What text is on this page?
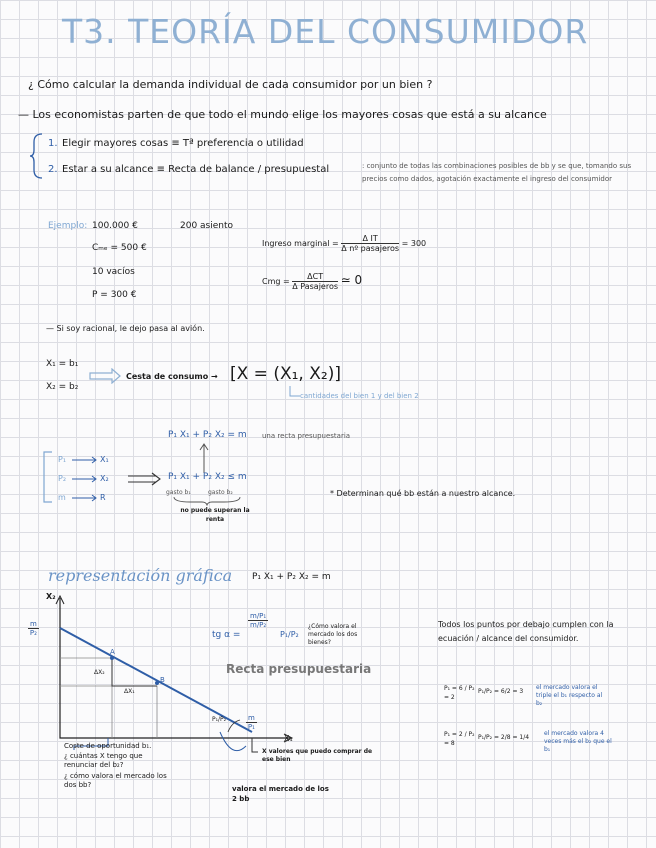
T3. TEORÍA DEL CONSUMIDOR
¿ Cómo calcular la demanda individual de cada consumidor por un bien ?
— Los economistas parten de que todo el mundo elige los mayores cosas que está a su alcance
1. Elegir mayores cosas ≡ Tª preferencia o utilidad
2. Estar a su alcance ≡ Recta de balance / presupuestal	: conjunto de todas las combinaciones posibles de bb y se que, tomando sus precios como dados, agotación exactamente el ingreso del consumidor
Ejemplo: 100.000 €	200 asiento
Cₘₑ = 500 €
10 vacíos
P = 300 €
Ingreso marginal = $\frac{\text{Δ IT}}{\text{Δ nº pasajeros}} = 300$
Cmg = $\frac{\text{ΔCT}}{\text{Δ Pasajeros}}$ ≃ 0
— Si soy racional, le dejo pasa al avión.
X₁ = b₁
X₂ = b₂
Cesta de consumo → [X = (X₁, X₂)]
cantidades del bien 1 y del bien 2
P₁ X₁ + P₂ X₂ = m una recta presupuestaria
P₁
P₂
m
X₁
X₂
R
P₁ X₁ + P₂ X₂ ≤ m
gasto b₁	gasto b₂
no puede superan la renta
* Determinan qué bb están a nuestro alcance.
representación gráfica P₁ X₁ + P₂ X₂ = m
X₂
X₁
$\frac{m}{\text{P₂}}$
$\frac{m}{\text{P₁}}$
A
B
ΔX₂
ΔX₁
P₁/P₂
tg α =
$\frac{\text{m/P₁}}{\text{m/P₂}}$
P₁/P₂
¿Cómo valora el mercado los dos bienes?
Recta presupuestaria
Coste de oportunidad b₁.
¿ cuántas X tengo que renunciar del b₂?
¿ cómo valora el mercado los dos bb?
X valores que puedo comprar de ese bien
valora el mercado de los 2 bb
Todos los puntos por debajo cumplen con la ecuación / alcance del consumidor.
P₁ = 6 / P₂ = 2
P₁/P₂ = 6/2 = 3
el mercado valora el triple el b₁ respecto al b₂
P₁ = 2 / P₂ = 8
P₁/P₂ = 2/8 = 1/4
el mercado valora 4 veces más el b₂ que el b₁
